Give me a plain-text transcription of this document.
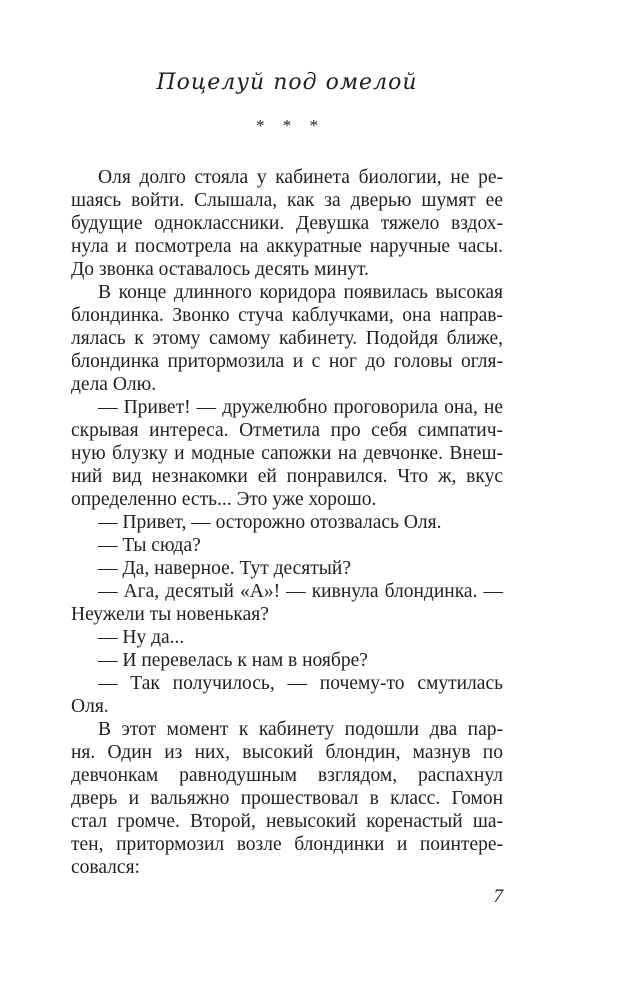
Поцелуй под омелой
* * *
Оля долго стояла у кабинета биологии, не ре-
шаясь войти. Слышала, как за дверью шумят ее
будущие одноклассники. Девушка тяжело вздох-
нула и посмотрела на аккуратные наручные часы.
До звонка оставалось десять минут.
В конце длинного коридора появилась высокая
блондинка. Звонко стуча каблучками, она направ-
лялась к этому самому кабинету. Подойдя ближе,
блондинка притормозила и с ног до головы огля-
дела Олю.
— Привет! — дружелюбно проговорила она, не
скрывая интереса. Отметила про себя симпатич-
ную блузку и модные сапожки на девчонке. Внеш-
ний вид незнакомки ей понравился. Что ж, вкус
определенно есть... Это уже хорошо.
— Привет, — осторожно отозвалась Оля.
— Ты сюда?
— Да, наверное. Тут десятый?
— Ага, десятый «А»! — кивнула блондинка. —
Неужели ты новенькая?
— Ну да...
— И перевелась к нам в ноябре?
— Так получилось, — почему-то смутилась
Оля.
В этот момент к кабинету подошли два пар-
ня. Один из них, высокий блондин, мазнув по
девчонкам равнодушным взглядом, распахнул
дверь и вальяжно прошествовал в класс. Гомон
стал громче. Второй, невысокий коренастый ша-
тен, притормозил возле блондинки и поинтере-
совался:
7
